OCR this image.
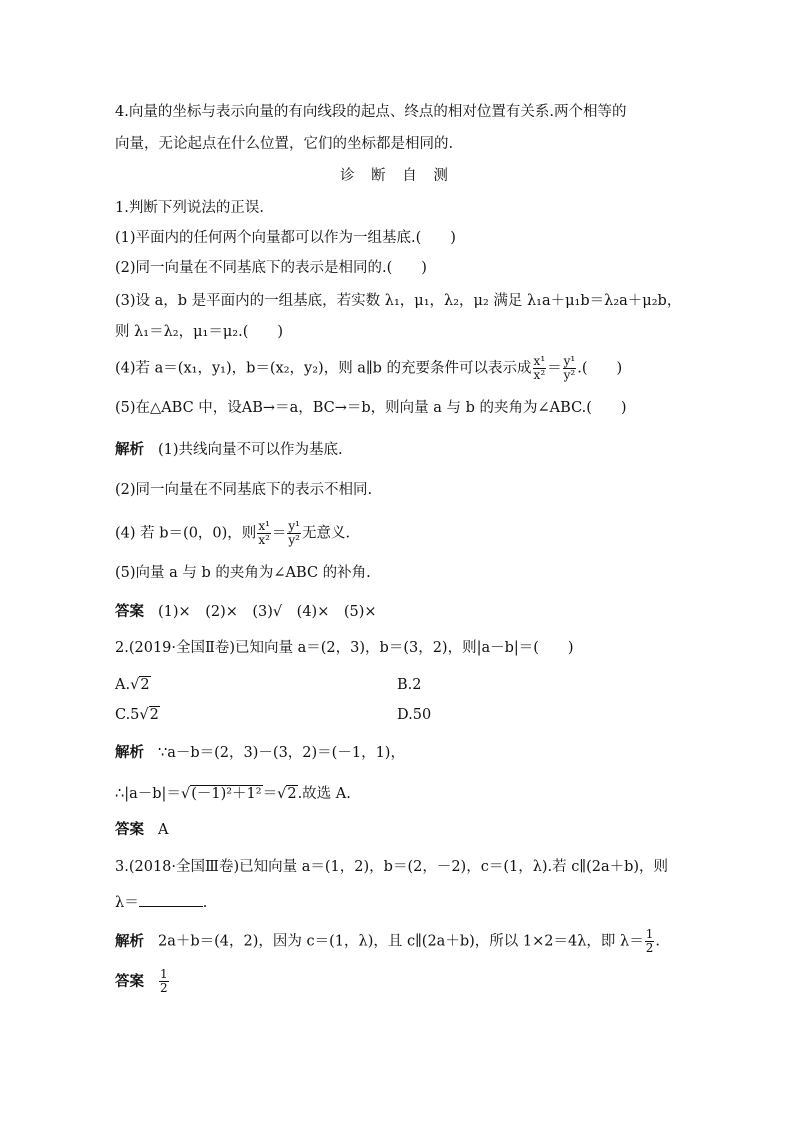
4.向量的坐标与表示向量的有向线段的起点、终点的相对位置有关系.两个相等的
向量，无论起点在什么位置，它们的坐标都是相同的.
诊 断 自 测
1.判断下列说法的正误.
(1)平面内的任何两个向量都可以作为一组基底.(　　)
(2)同一向量在不同基底下的表示是相同的.(　　)
(3)设 a，b 是平面内的一组基底，若实数 λ₁，μ₁，λ₂，μ₂ 满足 λ₁a＋μ₁b＝λ₂a＋μ₂b，
则 λ₁＝λ₂，μ₁＝μ₂.(　　)
(4)若 a＝(x₁，y₁)，b＝(x₂，y₂)，则 a∥b 的充要条件可以表示成 $\frac{\text{x¹}}{\text{x²}} = \frac{\text{y¹}}{\text{y²}}$ .(　　)
(5)在△ABC 中，设AB→＝a，BC→＝b，则向量 a 与 b 的夹角为∠ABC.(　　)
解析 (1)共线向量不可以作为基底.
(2)同一向量在不同基底下的表示不相同.
(4) 若 b＝(0，0)，则 $\frac{\text{x¹}}{\text{x²}} = \frac{\text{y¹}}{\text{y²}}$ 无意义.
(5)向量 a 与 b 的夹角为∠ABC 的补角.
答案 (1)×　(2)×　(3)√　(4)×　(5)×
2.(2019·全国Ⅱ卷)已知向量 a＝(2，3)，b＝(3，2)，则|a－b|＝(　　)
A.√2	B.2
C.5√2	D.50
解析 ∵a－b＝(2，3)－(3，2)＝(－1，1)，
∴|a－b|＝√(－1)²＋1²＝√2.故选 A.
答案 A
3.(2018·全国Ⅲ卷)已知向量 a＝(1，2)，b＝(2，－2)，c＝(1，λ).若 c∥(2a＋b)，则
λ＝	.
解析 2a＋b＝(4，2)，因为 c＝(1，λ)，且 c∥(2a＋b)，所以 1×2＝4λ，即 $\lambda= \frac{1}{2}$ .
答案 $\frac{1}{2}$
